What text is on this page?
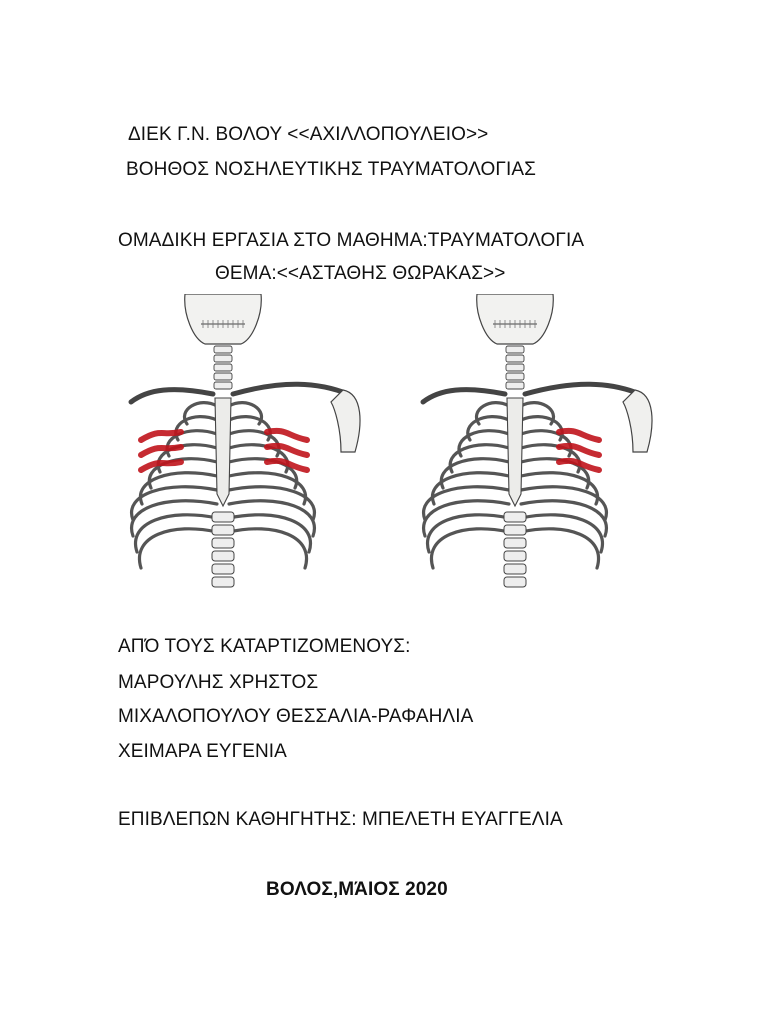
ΔΙΕΚ Γ.Ν. ΒΟΛΟΥ <<ΑΧΙΛΛΟΠΟΥΛΕΙΟ>>
ΒΟΗΘΟΣ ΝΟΣΗΛΕΥΤΙΚΗΣ ΤΡΑΥΜΑΤΟΛΟΓΙΑΣ
ΟΜΑΔΙΚΗ ΕΡΓΑΣΙΑ ΣΤΟ ΜΑΘΗΜΑ:ΤΡΑΥΜΑΤΟΛΟΓΙΑ
ΘΕΜΑ:<<ΑΣΤΑΘΗΣ ΘΩΡΑΚΑΣ>>
ΑΠΌ ΤΟΥΣ ΚΑΤΑΡΤΙΖΟΜΕΝΟΥΣ:
ΜΑΡΟΥΛΗΣ ΧΡΗΣΤΟΣ
ΜΙΧΑΛΟΠΟΥΛΟΥ ΘΕΣΣΑΛΙΑ-ΡΑΦΑΗΛΙΑ
ΧΕΙΜΑΡΑ ΕΥΓΕΝΙΑ
ΕΠΙΒΛΕΠΩΝ ΚΑΘΗΓΗΤΗΣ: ΜΠΕΛΕΤΗ ΕΥΑΓΓΕΛΙΑ
ΒΟΛΟΣ,ΜΆΙΟΣ 2020
